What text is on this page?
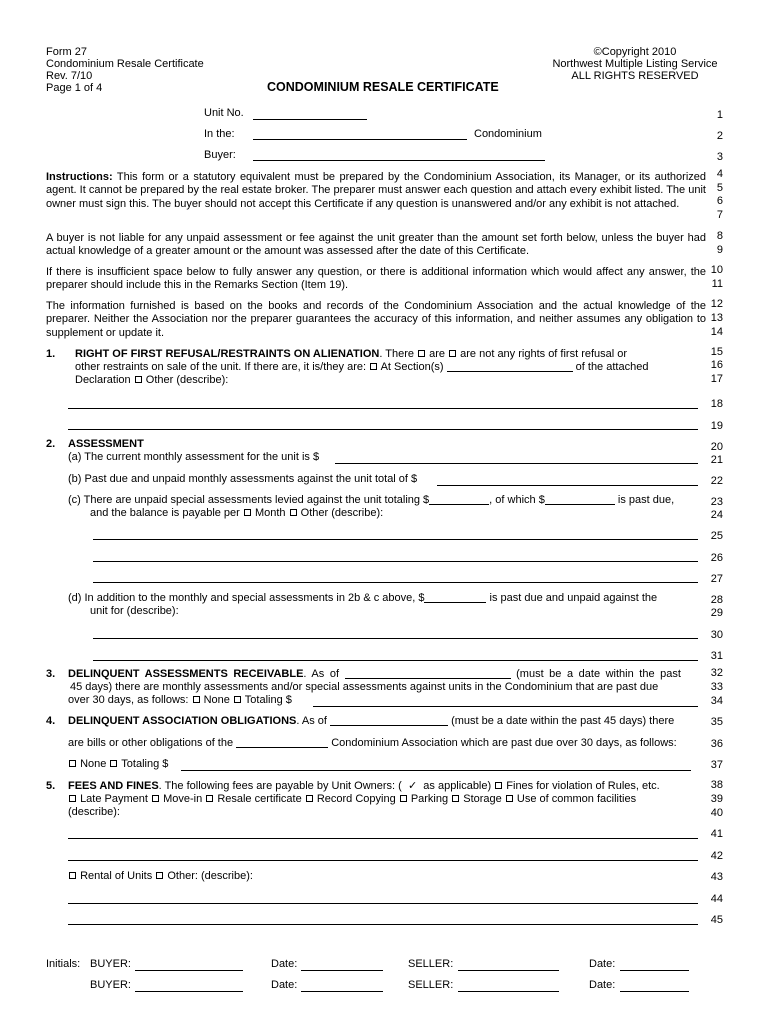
Form 27
Condominium Resale Certificate
Rev. 7/10
Page 1 of 4
©Copyright 2010
Northwest Multiple Listing Service
ALL RIGHTS RESERVED
CONDOMINIUM RESALE CERTIFICATE
Unit No.
In the:	Condominium
Buyer:
Instructions: This form or a statutory equivalent must be prepared by the Condominium Association, its Manager, or its authorized agent. It cannot be prepared by the real estate broker. The preparer must answer each question and attach every exhibit listed. The unit owner must sign this. The buyer should not accept this Certificate if any question is unanswered and/or any exhibit is not attached.
A buyer is not liable for any unpaid assessment or fee against the unit greater than the amount set forth below, unless the buyer had actual knowledge of a greater amount or the amount was assessed after the date of this Certificate.
If there is insufficient space below to fully answer any question, or there is additional information which would affect any answer, the preparer should include this in the Remarks Section (Item 19).
The information furnished is based on the books and records of the Condominium Association and the actual knowledge of the preparer. Neither the Association nor the preparer guarantees the accuracy of this information, and neither assumes any obligation to supplement or update it.
1. RIGHT OF FIRST REFUSAL/RESTRAINTS ON ALIENATION. There are are not any rights of first refusal or
other restraints on sale of the unit. If there are, it is/they are: At Section(s)	of the attached
Declaration Other (describe):
2. ASSESSMENT
(a) The current monthly assessment for the unit is $
(b) Past due and unpaid monthly assessments against the unit total of $
(c) There are unpaid special assessments levied against the unit totaling $	, of which $	is past due,
and the balance is payable per Month Other (describe):
(d) In addition to the monthly and special assessments in 2b & c above, $	is past due and unpaid against the
unit for (describe):
3. DELINQUENT ASSESSMENTS RECEIVABLE. As of	(must be a date within the past
45 days) there are monthly assessments and/or special assessments against units in the Condominium that are past due
over 30 days, as follows: None Totaling $
4. DELINQUENT ASSOCIATION OBLIGATIONS. As of	(must be a date within the past 45 days) there
are bills or other obligations of the	Condominium Association which are past due over 30 days, as follows:
None Totaling $
5. FEES AND FINES. The following fees are payable by Unit Owners: ( ✓ as applicable) Fines for violation of Rules, etc.
Late Payment Move-in Resale certificate Record Copying Parking Storage Use of common facilities
(describe):
Rental of Units Other: (describe):
1
2
3
4
5
6
7
8
9
10
11
12
13
14
15
16
17
18
19
20
21
22
23
24
25
26
27
28
29
30
31
32
33
34
35
36
37
38
39
40
41
42
43
44
45
Initials: BUYER:	Date:	SELLER:	Date:
BUYER:	Date:	SELLER:	Date:
